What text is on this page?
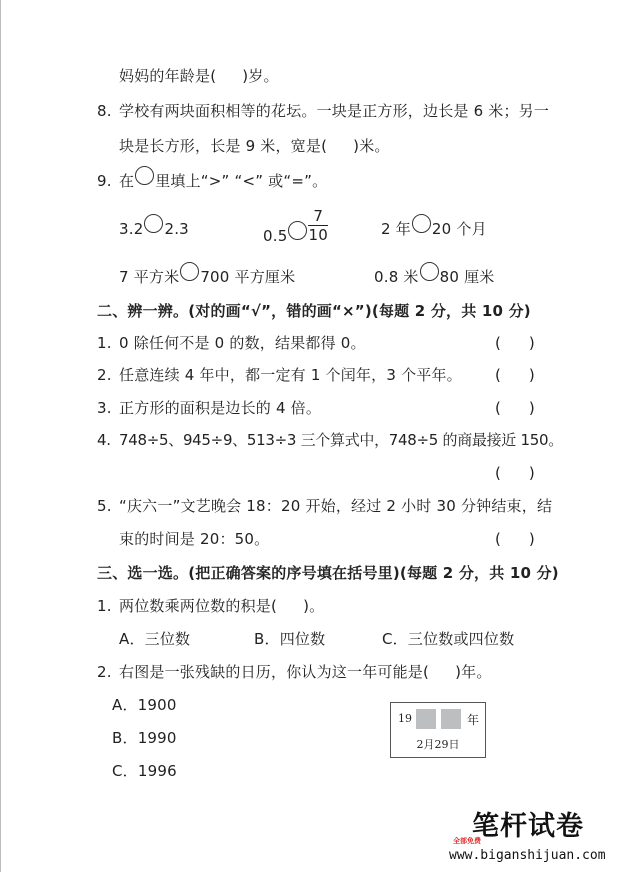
妈妈的年龄是( )岁。
8. 学校有两块面积相等的花坛。一块是正方形，边长是 6 米；另一
块是长方形，长是 9 米，宽是( )米。
9. 在 里填上“>” “<” 或“=”。
3.2 2.3	$0.5 \frac{7}{10}$	2 年 20 个月
7 平方米 700 平方厘米	0.8 米 80 厘米
二、辨一辨。(对的画“√”，错的画“×”)(每题 2 分，共 10 分)
1. 0 除任何不是 0 的数，结果都得 0。	( )
2. 任意连续 4 年中，都一定有 1 个闰年，3 个平年。 ( )
3. 正方形的面积是边长的 4 倍。	( )
4. 748÷5、945÷9、513÷3 三个算式中，748÷5 的商最接近 150。
( )
5. “庆六一”文艺晚会 18：20 开始，经过 2 小时 30 分钟结束，结
束的时间是 20：50。	( )
三、选一选。(把正确答案的序号填在括号里)(每题 2 分，共 10 分)
1. 两位数乘两位数的积是( )。
A．三位数	B．四位数	C．三位数或四位数
2. 右图是一张残缺的日历，你认为这一年可能是( )年。
A．1900
B．1990
C．1996
19	年
2月29日
笔杆试卷
全部免费
www.biganshijuan.com
